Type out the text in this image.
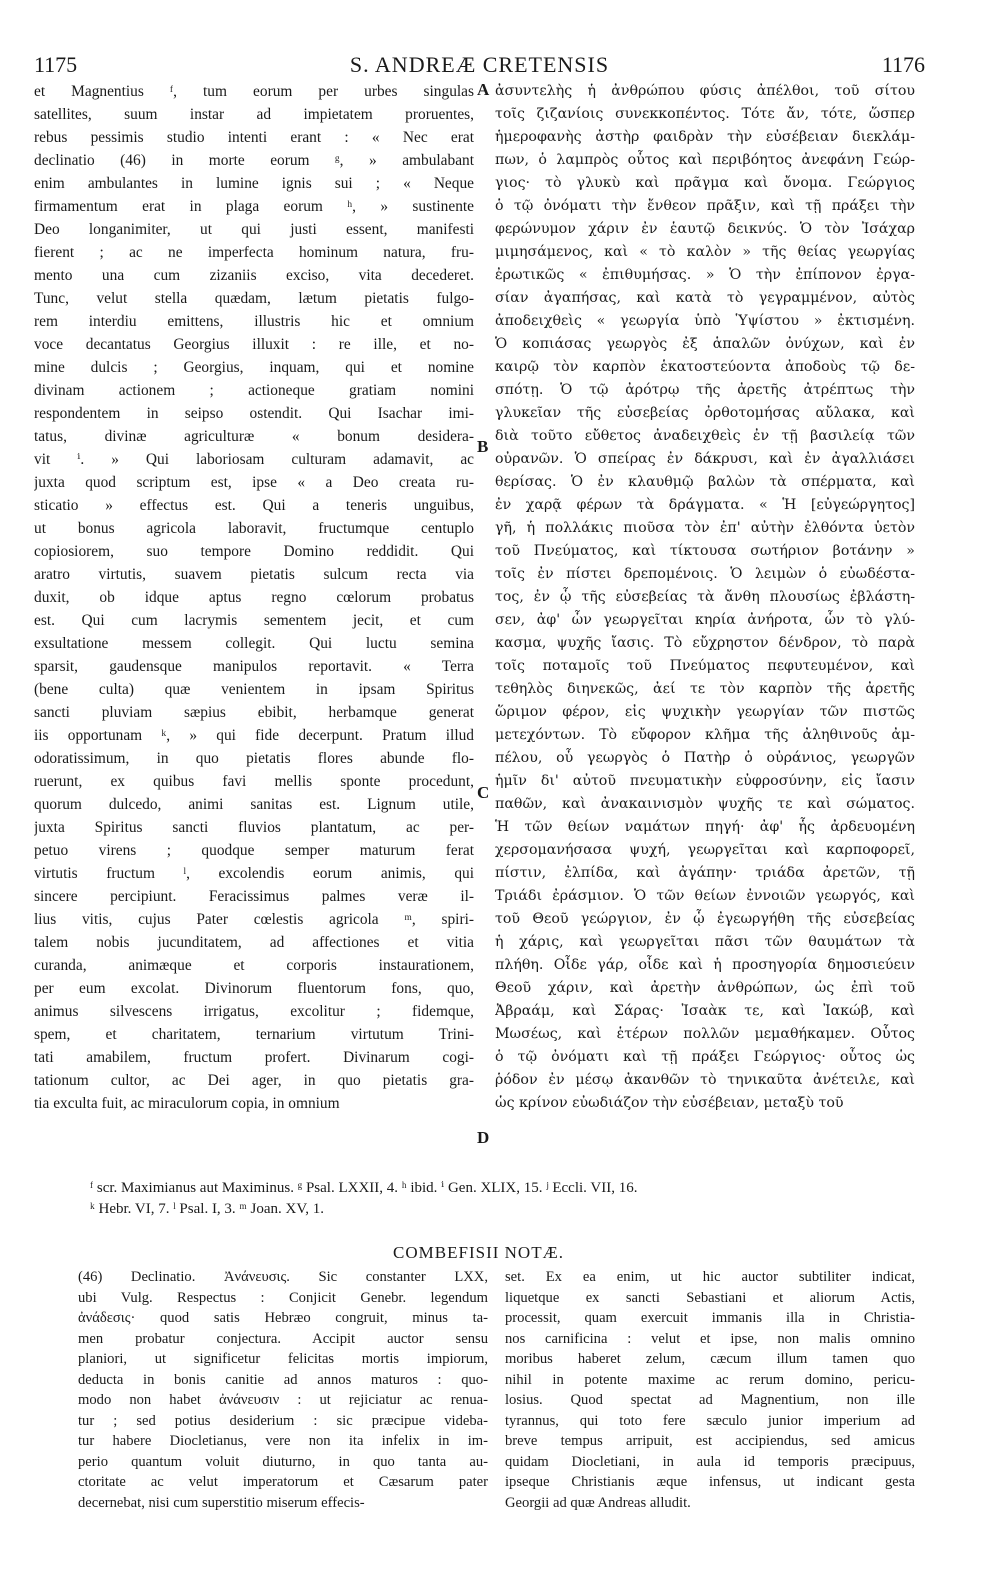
1175	S. ANDREÆ CRETENSIS	1176
et Magnentius ᶠ, tum eorum per urbes singulas
satellites, suum instar ad impietatem proruentes,
rebus pessimis studio intenti erant : « Nec erat
declinatio (46) in morte eorum ᵍ, » ambulabant
enim ambulantes in lumine ignis sui ; « Neque
firmamentum erat in plaga eorum ʰ, » sustinente
Deo longanimiter, ut qui justi essent, manifesti
fierent ; ac ne imperfecta hominum natura, fru-
mento una cum zizaniis exciso, vita decederet.
Tunc, velut stella quædam, lætum pietatis fulgo-
rem interdiu emittens, illustris hic et omnium
voce decantatus Georgius illuxit : re ille, et no-
mine dulcis ; Georgius, inquam, qui et nomine
divinam actionem ; actioneque gratiam nomini
respondentem in seipso ostendit. Qui Isachar imi-
tatus, divinæ agriculturæ « bonum desidera-
vit ⁱ. » Qui laboriosam culturam adamavit, ac
juxta quod scriptum est, ipse « a Deo creata ru-
sticatio » effectus est. Qui a teneris unguibus,
ut bonus agricola laboravit, fructumque centuplo
copiosiorem, suo tempore Domino reddidit. Qui
aratro virtutis, suavem pietatis sulcum recta via
duxit, ob idque aptus regno cœlorum probatus
est. Qui cum lacrymis sementem jecit, et cum
exsultatione messem collegit. Qui luctu semina
sparsit, gaudensque manipulos reportavit. « Terra
(bene culta) quæ venientem in ipsam Spiritus
sancti pluviam sæpius ebibit, herbamque generat
iis opportunam ᵏ, » qui fide decerpunt. Pratum illud
odoratissimum, in quo pietatis flores abunde flo-
ruerunt, ex quibus favi mellis sponte procedunt,
quorum dulcedo, animi sanitas est. Lignum utile,
juxta Spiritus sancti fluvios plantatum, ac per-
petuo virens ; quodque semper maturum ferat
virtutis fructum ˡ, excolendis eorum animis, qui
sincere percipiunt. Feracissimus palmes veræ il-
lius vitis, cujus Pater cœlestis agricola ᵐ, spiri-
talem nobis jucunditatem, ad affectiones et vitia
curanda, animæque et corporis instaurationem,
per eum excolat. Divinorum fluentorum fons, quo,
animus silvescens irrigatus, excolitur ; fidemque,
spem, et charitatem, ternarium virtutum Trini-
tati amabilem, fructum profert. Divinarum cogi-
tationum cultor, ac Dei ager, in quo pietatis gra-
tia exculta fuit, ac miraculorum copia, in omnium
ἀσυντελὴς ἡ ἀνθρώπου φύσις ἀπέλθοι, τοῦ σίτου
τοῖς ζιζανίοις συνεκκοπέντος. Τότε ἄν, τότε, ὥσπερ
ἡμεροφανὴς ἀστὴρ φαιδρὰν τὴν εὐσέβειαν διεκλάμ-
πων, ὁ λαμπρὸς οὗτος καὶ περιβόητος ἀνεφάνη Γεώρ-
γιος· τὸ γλυκὺ καὶ πρᾶγμα καὶ ὄνομα. Γεώργιος
ὁ τῷ ὀνόματι τὴν ἔνθεον πρᾶξιν, καὶ τῇ πράξει τὴν
φερώνυμον χάριν ἐν ἑαυτῷ δεικνύς. Ὁ τὸν Ἰσάχαρ
μιμησάμενος, καὶ « τὸ καλὸν » τῆς θείας γεωργίας
ἐρωτικῶς « ἐπιθυμήσας. » Ὁ τὴν ἐπίπονον ἐργα-
σίαν ἀγαπήσας, καὶ κατὰ τὸ γεγραμμένον, αὐτὸς
ἀποδειχθεὶς « γεωργία ὑπὸ Ὑψίστου » ἐκτισμένη.
Ὁ κοπιάσας γεωργὸς ἐξ ἁπαλῶν ὀνύχων, καὶ ἐν
καιρῷ τὸν καρπὸν ἑκατοστεύοντα ἀποδοὺς τῷ δε-
σπότῃ. Ὁ τῷ ἀρότρῳ τῆς ἀρετῆς ἀτρέπτως τὴν
γλυκεῖαν τῆς εὐσεβείας ὀρθοτομήσας αὔλακα, καὶ
διὰ τοῦτο εὔθετος ἀναδειχθεὶς ἐν τῇ βασιλείᾳ τῶν
οὐρανῶν. Ὁ σπείρας ἐν δάκρυσι, καὶ ἐν ἀγαλλιάσει
θερίσας. Ὁ ἐν κλαυθμῷ βαλὼν τὰ σπέρματα, καὶ
ἐν χαρᾷ φέρων τὰ δράγματα. « Ἡ [εὐγεώργητος]
γῆ, ἡ πολλάκις πιοῦσα τὸν ἐπ' αὐτὴν ἐλθόντα ὑετὸν
τοῦ Πνεύματος, καὶ τίκτουσα σωτήριον βοτάνην »
τοῖς ἐν πίστει δρεπομένοις. Ὁ λειμὼν ὁ εὐωδέστα-
τος, ἐν ᾧ τῆς εὐσεβείας τὰ ἄνθη πλουσίως ἐβλάστη-
σεν, ἀφ' ὧν γεωργεῖται κηρία ἀνήροτα, ὧν τὸ γλύ-
κασμα, ψυχῆς ἴασις. Τὸ εὔχρηστον δένδρον, τὸ παρὰ
τοῖς ποταμοῖς τοῦ Πνεύματος πεφυτευμένον, καὶ
τεθηλὸς διηνεκῶς, ἀεί τε τὸν καρπὸν τῆς ἀρετῆς
ὥριμον φέρον, εἰς ψυχικὴν γεωργίαν τῶν πιστῶς
μετεχόντων. Τὸ εὔφορον κλῆμα τῆς ἀληθινοῦς ἀμ-
πέλου, οὗ γεωργὸς ὁ Πατὴρ ὁ οὐράνιος, γεωργῶν
ἡμῖν δι' αὐτοῦ πνευματικὴν εὐφροσύνην, εἰς ἴασιν
παθῶν, καὶ ἀνακαινισμὸν ψυχῆς τε καὶ σώματος.
Ἡ τῶν θείων ναμάτων πηγή· ἀφ' ἧς ἀρδευομένη
χερσομανήσασα ψυχή, γεωργεῖται καὶ καρποφορεῖ,
πίστιν, ἐλπίδα, καὶ ἀγάπην· τριάδα ἀρετῶν, τῇ
Τριάδι ἐράσμιον. Ὁ τῶν θείων ἐννοιῶν γεωργός, καὶ
τοῦ Θεοῦ γεώργιον, ἐν ᾧ ἐγεωργήθη τῆς εὐσεβείας
ἡ χάρις, καὶ γεωργεῖται πᾶσι τῶν θαυμάτων τὰ
πλήθη. Οἶδε γάρ, οἶδε καὶ ἡ προσηγορία δημοσιεύειν
Θεοῦ χάριν, καὶ ἀρετὴν ἀνθρώπων, ὡς ἐπὶ τοῦ
Ἀβραάμ, καὶ Σάρας· Ἰσαὰκ τε, καὶ Ἰακώβ, καὶ
Μωσέως, καὶ ἑτέρων πολλῶν μεμαθήκαμεν. Οὗτος
ὁ τῷ ὀνόματι καὶ τῇ πράξει Γεώργιος· οὗτος ὡς
ῥόδον ἐν μέσῳ ἀκανθῶν τὸ τηνικαῦτα ἀνέτειλε, καὶ
ὡς κρίνον εὐωδιάζον τὴν εὐσέβειαν, μεταξὺ τοῦ
A
B
C
D
ᶠ scr. Maximianus aut Maximinus. ᵍ Psal. LXXII, 4. ʰ ibid. ⁱ Gen. XLIX, 15. ʲ Eccli. VII, 16.
ᵏ Hebr. VI, 7. ˡ Psal. I, 3. ᵐ Joan. XV, 1.
COMBEFISII NOTÆ.
(46) Declinatio. Ἀνάνευσις. Sic constanter LXX,
ubi Vulg. Respectus : Conjicit Genebr. legendum
ἀνάδεσις· quod satis Hebræo congruit, minus ta-
men probatur conjectura. Accipit auctor sensu
planiori, ut significetur felicitas mortis impiorum,
deducta in bonis canitie ad annos maturos : quo-
modo non habet ἀνάνευσιν : ut rejiciatur ac renua-
tur ; sed potius desiderium : sic præcipue videba-
tur habere Diocletianus, vere non ita infelix in im-
perio quantum voluit diuturno, in quo tanta au-
ctoritate ac velut imperatorum et Cæsarum pater
decernebat, nisi cum superstitio miserum effecis-
set. Ex ea enim, ut hic auctor subtiliter indicat,
liquetque ex sancti Sebastiani et aliorum Actis,
processit, quam exercuit immanis illa in Christia-
nos carnificina : velut et ipse, non malis omnino
moribus haberet zelum, cæcum illum tamen quo
nihil in potente maxime ac rerum domino, pericu-
losius. Quod spectat ad Magnentium, non ille
tyrannus, qui toto fere sæculo junior imperium ad
breve tempus arripuit, est accipiendus, sed amicus
quidam Diocletiani, in aula id temporis præcipuus,
ipseque Christianis æque infensus, ut indicant gesta
Georgii ad quæ Andreas alludit.
